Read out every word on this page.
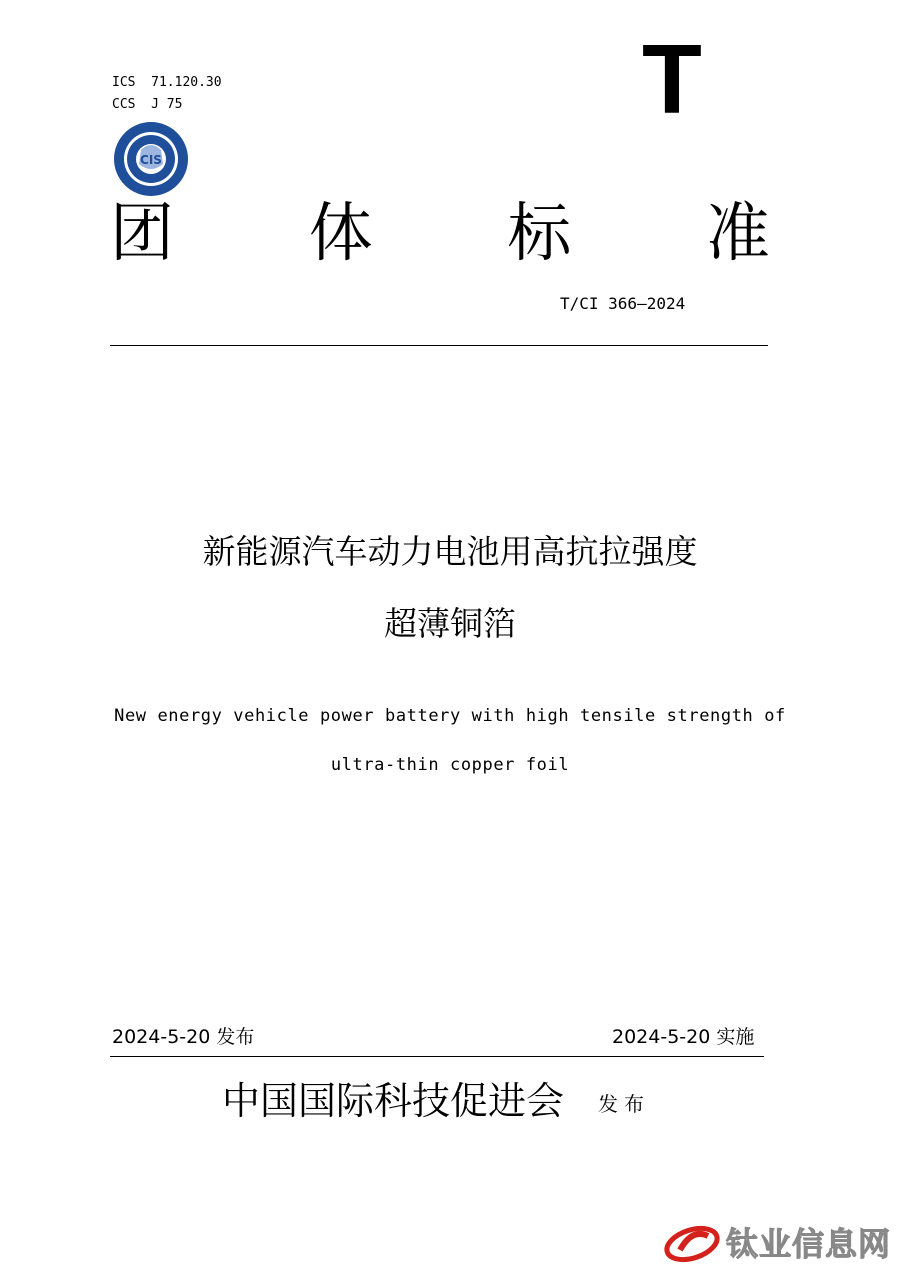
ICS  71.120.30
CCS  J 75	T
CIS
团 体 标 准
T/CI 366—2024
新能源汽车动力电池用高抗拉强度
超薄铜箔
New energy vehicle power battery with high tensile strength of
ultra-thin copper foil
2024-5-20 发布	2024-5-20 实施
中国国际科技促进会 发布
钛业信息网
